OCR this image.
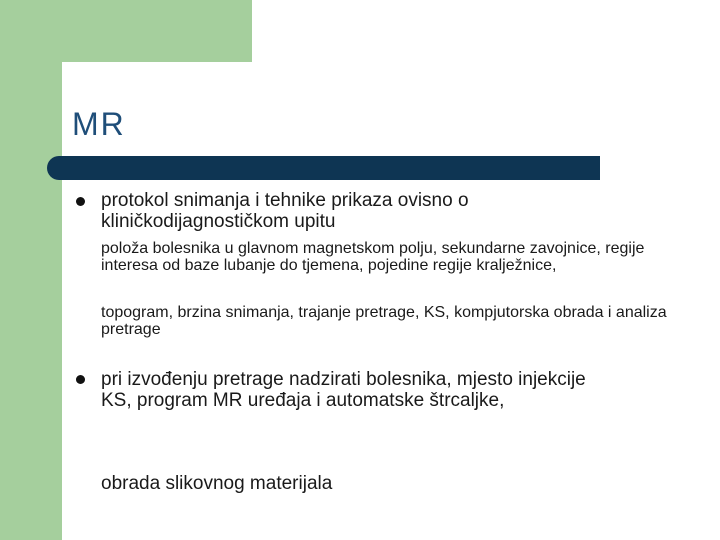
MR

protokol snimanja i tehnike prikaza ovisno o kliničkodijagnostičkom upitu

položa bolesnika u glavnom magnetskom polju, sekundarne zavojnice, regije interesa od baze lubanje do tjemena, pojedine regije kralježnice,

topogram, brzina snimanja, trajanje pretrage, KS, kompjutorska obrada i analiza pretrage

pri izvođenju pretrage nadzirati bolesnika, mjesto injekcije KS, program MR uređaja i automatske štrcaljke,

obrada slikovnog materijala
